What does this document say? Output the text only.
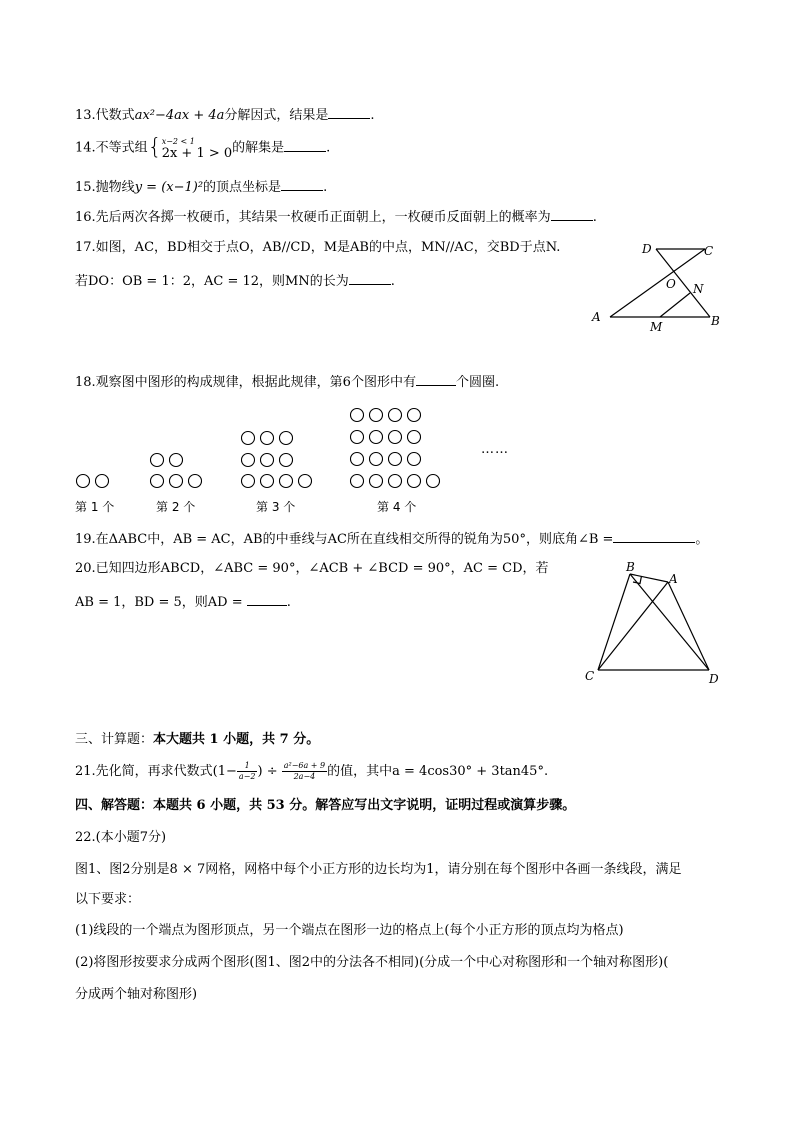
13.代数式ax²−4ax + 4a分解因式，结果是	.
14.不等式组{ x−2 < 1
2x + 1 > 0 的解集是	.
15.抛物线y = (x−1)²的顶点坐标是	.
16.先后两次各掷一枚硬币，其结果一枚硬币正面朝上，一枚硬币反面朝上的概率为	.
17.如图，AC，BD相交于点O，AB//CD，M是AB的中点，MN//AC，交BD于点N.
若DO：OB = 1：2，AC = 12，则MN的长为	.
D	C
O N
A
M	B
18.观察图中图形的构成规律，根据此规律，第6个图形中有	个圆圈.
……
第 1 个	第 2 个	第 3 个	第 4 个
19.在ΔABC中，AB = AC，AB的中垂线与AC所在直线相交所得的锐角为50°，则底角∠B =	。
20.已知四边形ABCD，∠ABC = 90°，∠ACB + ∠BCD = 90°，AC = CD，若
AB = 1，BD = 5，则AD =	.
B
A
C	D
三、计算题：本大题共 1 小题，共 7 分。
21.先化简，再求代数式($1- \frac{1}{a-2}$ ) ÷ $\frac{\text{a²−6a + 9}}{2a-4}$ 的值，其中a = 4cos30° + 3tan45°.
四、解答题：本题共 6 小题，共 53 分。解答应写出文字说明，证明过程或演算步骤。
22.(本小题7分)
图1、图2分别是8 × 7网格，网格中每个小正方形的边长均为1，请分别在每个图形中各画一条线段，满足
以下要求：
(1)线段的一个端点为图形顶点，另一个端点在图形一边的格点上(每个小正方形的顶点均为格点)
(2)将图形按要求分成两个图形(图1、图2中的分法各不相同)(分成一个中心对称图形和一个轴对称图形)(
分成两个轴对称图形)
